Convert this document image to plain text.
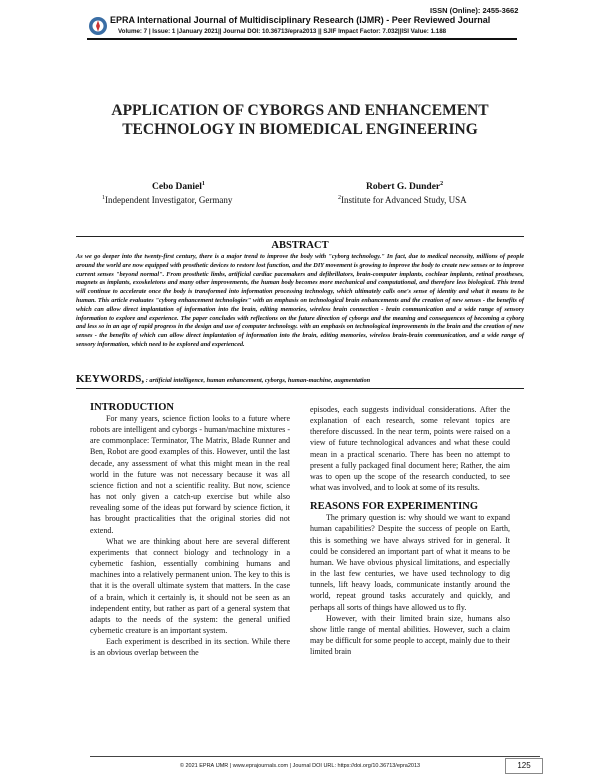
ISSN (Online): 2455-3662
EPRA International Journal of Multidisciplinary Research (IJMR) - Peer Reviewed Journal
Volume: 7 | Issue: 1 |January 2021|| Journal DOI: 10.36713/epra2013 || SJIF Impact Factor: 7.032||ISI Value: 1.188
APPLICATION OF CYBORGS AND ENHANCEMENT
TECHNOLOGY IN BIOMEDICAL ENGINEERING
Cebo Daniel$^1$
$^1$Independent Investigator, Germany
Robert G. Dunder$^2$
$^2$Institute for Advanced Study, USA
ABSTRACT
As we go deeper into the twenty-first century, there is a major trend to improve the body with "cyborg technology." In fact, due to medical necessity, millions of people around the world are now equipped with prosthetic devices to restore lost function, and the DIY movement is growing to improve the body to create new senses or to improve current senses "beyond normal". From prosthetic limbs, artificial cardiac pacemakers and defibrillators, brain-computer implants, cochlear implants, retinal prostheses, magnets as implants, exoskeletons and many other improvements, the human body becomes more mechanical and computational, and therefore less biological. This trend will continue to accelerate once the body is transformed into information processing technology, which ultimately calls one's sense of identity and what it means to be human. This article evaluates "cyborg enhancement technologies" with an emphasis on technological brain enhancements and the creation of new senses - the benefits of which can allow direct implantation of information into the brain, editing memories, wireless brain connection - brain communication and a wide range of sensory information to explore and experience. The paper concludes with reflections on the future direction of cyborgs and the meaning and consequences of becoming a cyborg and less so in an age of rapid progress in the design and use of computer technology. with an emphasis on technological improvements in the brain and the creation of new senses - the benefits of which can allow direct implantation of information into the brain, editing memories, wireless brain-brain communication, and a wide range of sensory information, which need to be explored and experienced.
KEYWORDS, : artificial intelligence, human enhancement, cyborgs, human-machine, augmentation
INTRODUCTION

For many years, science fiction looks to a future where robots are intelligent and cyborgs - human/machine mixtures - are commonplace: Terminator, The Matrix, Blade Runner and Ben, Robot are good examples of this. However, until the last decade, any assessment of what this might mean in the real world in the future was not necessary because it was all science fiction and not a scientific reality. But now, science has not only given a catch-up exercise but while also revealing some of the ideas put forward by science fiction, it has brought practicalities that the original stories did not extend.

What we are thinking about here are several different experiments that connect biology and technology in a cybernetic fashion, essentially combining humans and machines into a relatively permanent union. The key to this is that it is the overall ultimate system that matters. In the case of a brain, which it certainly is, it should not be seen as an independent entity, but rather as part of a general system that adapts to the needs of the system: the general unified cybernetic creature is an important system.

Each experiment is described in its section. While there is an obvious overlap between the

episodes, each suggests individual considerations. After the explanation of each research, some relevant topics are therefore discussed. In the near term, points were raised on a view of future technological advances and what these could mean in a practical scenario. There has been no attempt to present a fully packaged final document here; Rather, the aim was to open up the scope of the research conducted, to see what was involved, and to look at some of its results.

REASONS FOR EXPERIMENTING

The primary question is: why should we want to expand human capabilities? Despite the success of people on Earth, this is something we have always strived for in general. It could be considered an important part of what it means to be human. We have obvious physical limitations, and especially in the last few centuries, we have used technology to dig tunnels, lift heavy loads, communicate instantly around the world, repeat ground tasks accurately and quickly, and perhaps all sorts of things have allowed us to fly.

However, with their limited brain size, humans also show little range of mental abilities. However, such a claim may be difficult for some people to accept, mainly due to their limited brain

© 2021 EPRA IJMR | www.eprajournals.com | Journal DOI URL: https://doi.org/10.36713/epra2013	125
